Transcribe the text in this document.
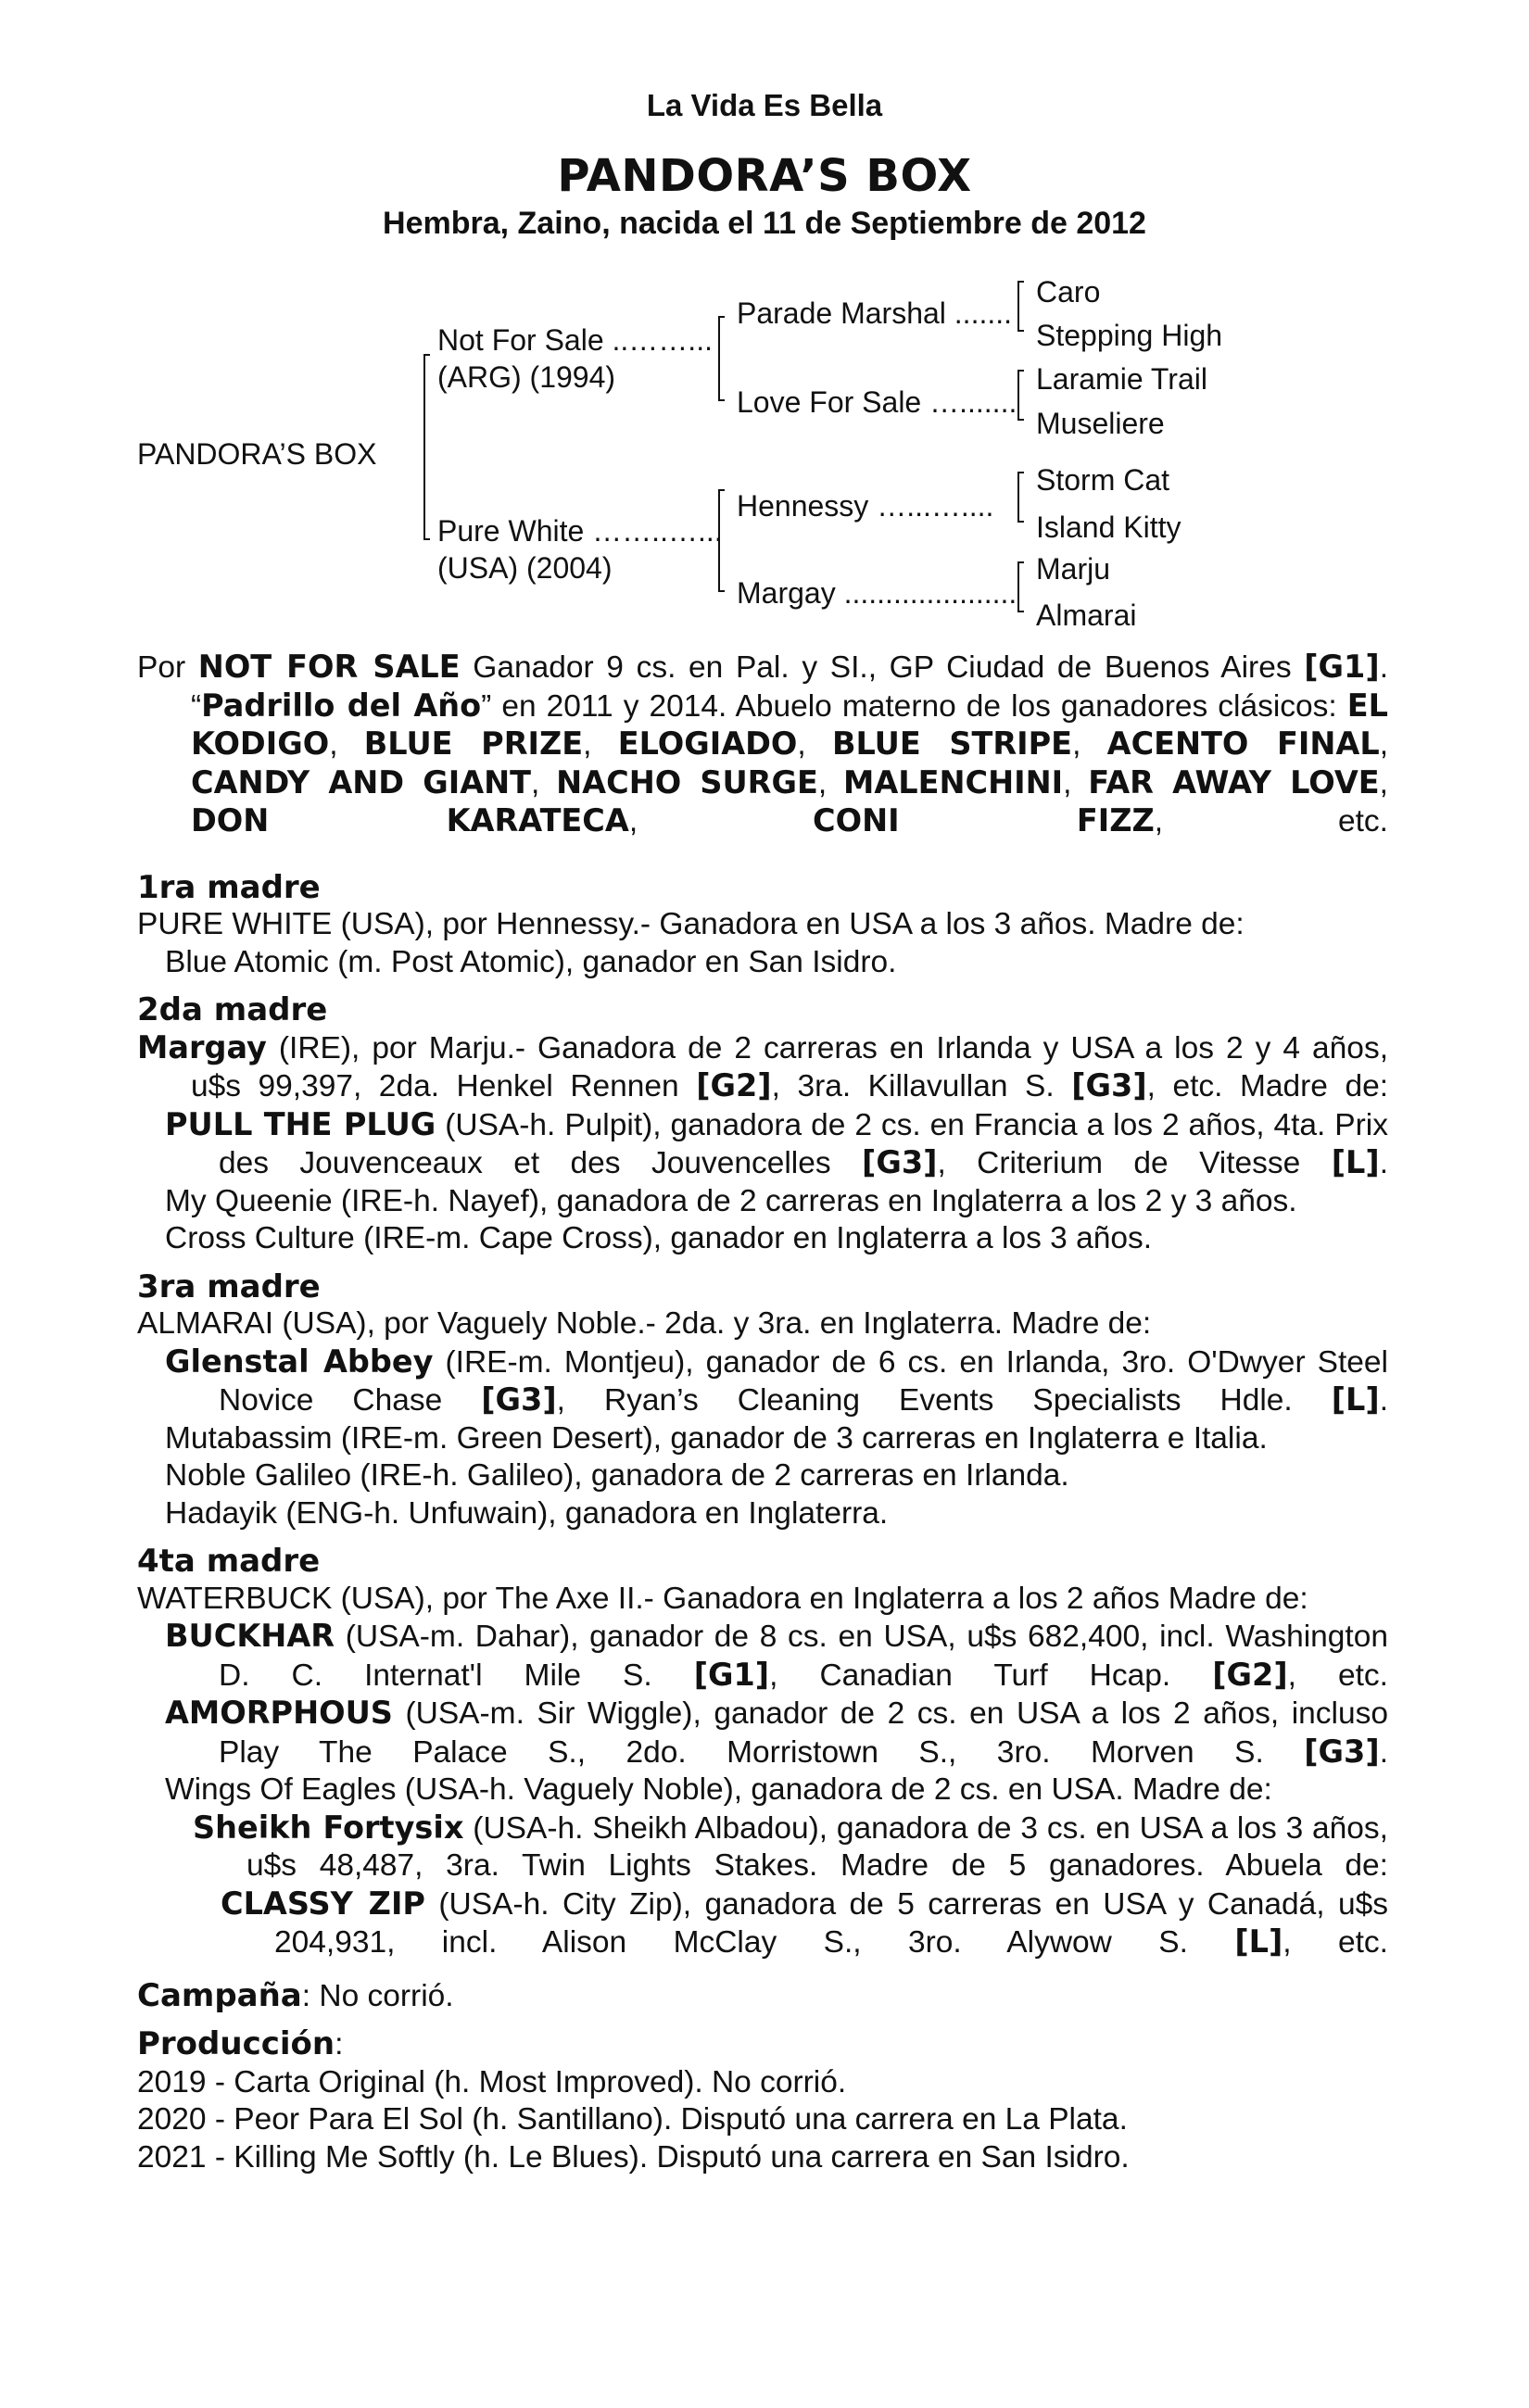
La Vida Es Bella
PANDORA’S BOX
Hembra, Zaino, nacida el 11 de Septiembre de 2012
PANDORA’S BOX
Not For Sale ..……...
(ARG) (1994)
Pure White ……..…...
(USA) (2004)
Parade Marshal .......
Love For Sale ….......
Hennessy …...…....
Margay .....................
Caro
Stepping High
Laramie Trail
Museliere
Storm Cat
Island Kitty
Marju
Almarai

Por NOT FOR SALE Ganador 9 cs. en Pal. y SI., GP Ciudad de Buenos Aires [G1]. “Padrillo del Año” en 2011 y 2014. Abuelo materno de los ganadores clásicos: EL KODIGO, BLUE PRIZE, ELOGIADO, BLUE STRIPE, ACENTO FINAL, CANDY AND GIANT, NACHO SURGE, MALENCHINI, FAR AWAY LOVE, DON KARATECA, CONI FIZZ, etc.

1ra madre

PURE WHITE (USA), por Hennessy.- Ganadora en USA a los 3 años. Madre de:

Blue Atomic (m. Post Atomic), ganador en San Isidro.

2da madre

Margay (IRE), por Marju.- Ganadora de 2 carreras en Irlanda y USA a los 2 y 4 años, u$s 99,397, 2da. Henkel Rennen [G2], 3ra. Killavullan S. [G3], etc. Madre de:

PULL THE PLUG (USA-h. Pulpit), ganadora de 2 cs. en Francia a los 2 años, 4ta. Prix des Jouvenceaux et des Jouvencelles [G3], Criterium de Vitesse [L].

My Queenie (IRE-h. Nayef), ganadora de 2 carreras en Inglaterra a los 2 y 3 años.

Cross Culture (IRE-m. Cape Cross), ganador en Inglaterra a los 3 años.

3ra madre

ALMARAI (USA), por Vaguely Noble.- 2da. y 3ra. en Inglaterra. Madre de:

Glenstal Abbey (IRE-m. Montjeu), ganador de 6 cs. en Irlanda, 3ro. O'Dwyer Steel Novice Chase [G3], Ryan’s Cleaning Events Specialists Hdle. [L].

Mutabassim (IRE-m. Green Desert), ganador de 3 carreras en Inglaterra e Italia.

Noble Galileo (IRE-h. Galileo), ganadora de 2 carreras en Irlanda.

Hadayik (ENG-h. Unfuwain), ganadora en Inglaterra.

4ta madre

WATERBUCK (USA), por The Axe II.- Ganadora en Inglaterra a los 2 años Madre de:

BUCKHAR (USA-m. Dahar), ganador de 8 cs. en USA, u$s 682,400, incl. Washington D. C. Internat'l Mile S. [G1], Canadian Turf Hcap. [G2], etc.

AMORPHOUS (USA-m. Sir Wiggle), ganador de 2 cs. en USA a los 2 años, incluso Play The Palace S., 2do. Morristown S., 3ro. Morven S. [G3].

Wings Of Eagles (USA-h. Vaguely Noble), ganadora de 2 cs. en USA. Madre de:

Sheikh Fortysix (USA-h. Sheikh Albadou), ganadora de 3 cs. en USA a los 3 años, u$s 48,487, 3ra. Twin Lights Stakes. Madre de 5 ganadores. Abuela de:

CLASSY ZIP (USA-h. City Zip), ganadora de 5 carreras en USA y Canadá, u$s 204,931, incl. Alison McClay S., 3ro. Alywow S. [L], etc.

Campaña: No corrió.

Producción:

2019 - Carta Original (h. Most Improved). No corrió.

2020 - Peor Para El Sol (h. Santillano). Disputó una carrera en La Plata.

2021 - Killing Me Softly (h. Le Blues). Disputó una carrera en San Isidro.
